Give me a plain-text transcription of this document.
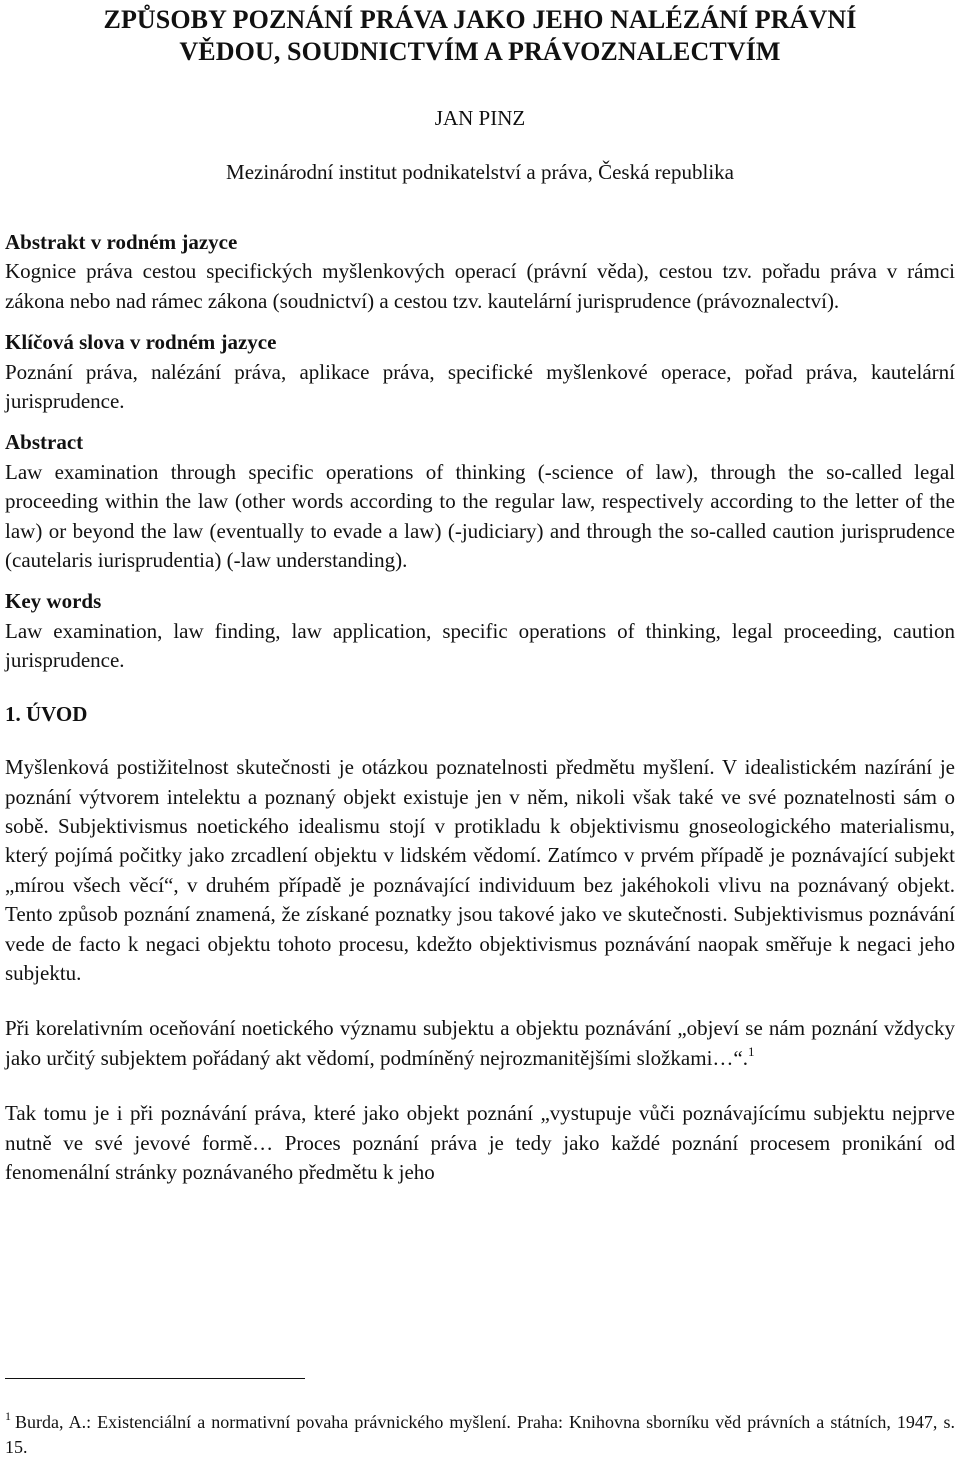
ZPŮSOBY POZNÁNÍ PRÁVA JAKO JEHO NALÉZÁNÍ PRÁVNÍ
VĚDOU, SOUDNICTVÍM A PRÁVOZNALECTVÍM
JAN PINZ
Mezinárodní institut podnikatelství a práva, Česká republika
Abstrakt v rodném jazyce

Kognice práva cestou specifických myšlenkových operací (právní věda), cestou tzv. pořadu práva v rámci zákona nebo nad rámec zákona (soudnictví) a cestou tzv. kautelární jurisprudence (právoznalectví).

Klíčová slova v rodném jazyce

Poznání práva, nalézání práva, aplikace práva, specifické myšlenkové operace, pořad práva, kautelární jurisprudence.

Abstract

Law examination through specific operations of thinking (-science of law), through the so-called legal proceeding within the law (other words according to the regular law, respectively according to the letter of the law) or beyond the law (eventually to evade a law) (-judiciary) and through the so-called caution jurisprudence (cautelaris iurisprudentia) (-law understanding).

Key words

Law examination, law finding, law application, specific operations of thinking, legal proceeding, caution jurisprudence.

1. ÚVOD

Myšlenková postižitelnost skutečnosti je otázkou poznatelnosti předmětu myšlení. V idealistickém nazírání je poznání výtvorem intelektu a poznaný objekt existuje jen v něm, nikoli však také ve své poznatelnosti sám o sobě. Subjektivismus noetického idealismu stojí v protikladu k objektivismu gnoseologického materialismu, který pojímá počitky jako zrcadlení objektu v lidském vědomí. Zatímco v prvém případě je poznávající subjekt „mírou všech věcí“, v druhém případě je poznávající individuum bez jakéhokoli vlivu na poznávaný objekt. Tento způsob poznání znamená, že získané poznatky jsou takové jako ve skutečnosti. Subjektivismus poznávání vede de facto k negaci objektu tohoto procesu, kdežto objektivismus poznávání naopak směřuje k negaci jeho subjektu.

Při korelativním oceňování noetického významu subjektu a objektu poznávání „objeví se nám poznání vždycky jako určitý subjektem pořádaný akt vědomí, podmíněný nejrozmanitějšími složkami…“.$^1$

Tak tomu je i při poznávání práva, které jako objekt poznání „vystupuje vůči poznávajícímu subjektu nejprve nutně ve své jevové formě… Proces poznání práva je tedy jako každé poznání procesem pronikání od fenomenální stránky poznávaného předmětu k jeho

$^1$ Burda, A.: Existenciální a normativní povaha právnického myšlení. Praha: Knihovna sborníku věd právních a státních, 1947, s. 15.
